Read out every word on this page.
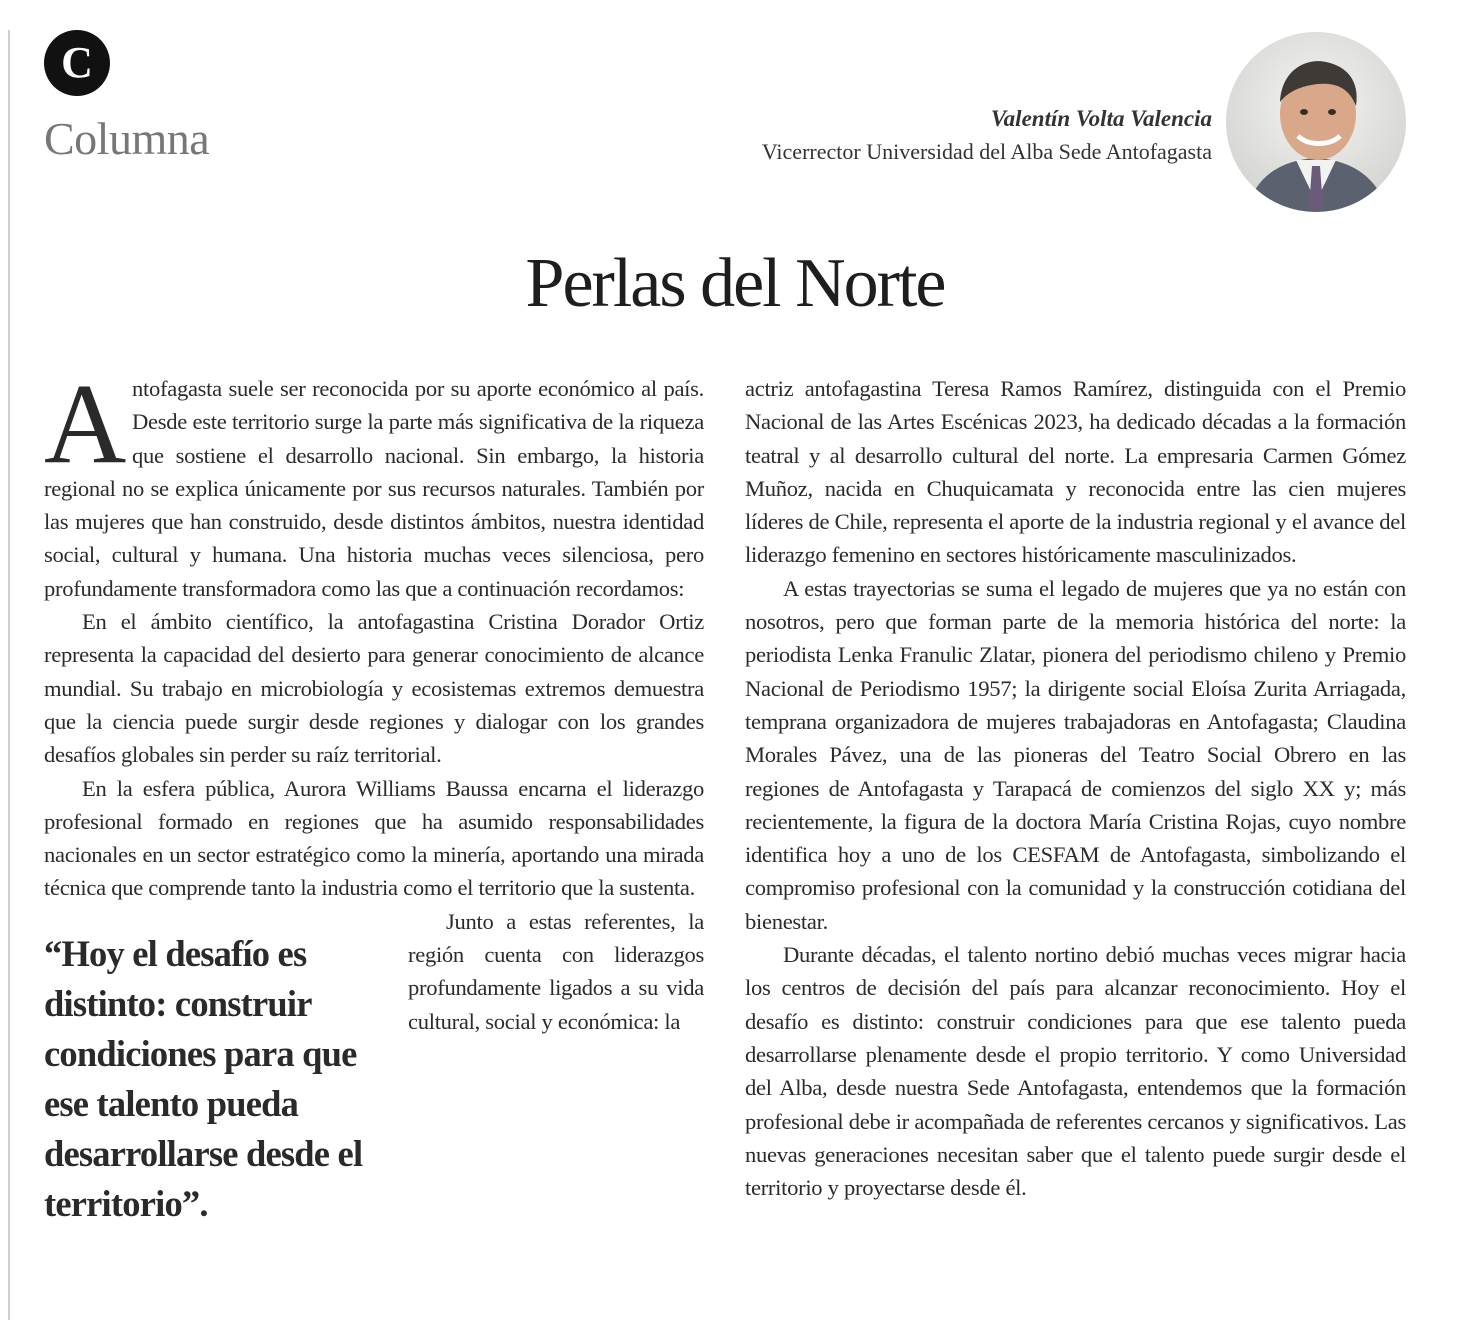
C
Columna	Valentín Volta Valencia
Vicerrector Universidad del Alba Sede Antofagasta
Perlas del Norte

Antofagasta suele ser reconocida por su aporte económico al país. Desde este territorio surge la parte más significativa de la riqueza que sostiene el desarrollo nacional. Sin embargo, la historia regional no se explica únicamente por sus recursos naturales. También por las mujeres que han construido, desde distintos ámbitos, nuestra identidad social, cultural y humana. Una historia muchas veces silenciosa, pero profundamente transformadora como las que a continuación recordamos:

“Hoy el desafío es distinto: construir condiciones para que ese talento pueda desarrollarse desde el territorio”.

En el ámbito científico, la antofagastina Cristina Dorador Ortiz representa la capacidad del desierto para generar conocimiento de alcance mundial. Su trabajo en microbiología y ecosistemas extremos demuestra que la ciencia puede surgir desde regiones y dialogar con los grandes desafíos globales sin perder su raíz territorial.

En la esfera pública, Aurora Williams Baussa encarna el liderazgo profesional formado en regiones que ha asumido responsabilidades nacionales en un sector estratégico como la minería, aportando una mirada técnica que comprende tanto la industria como el territorio que la sustenta.

Junto a estas referentes, la región cuenta con liderazgos profundamente ligados a su vida cultural, social y económica: la

actriz antofagastina Teresa Ramos Ramírez, distinguida con el Premio Nacional de las Artes Escénicas 2023, ha dedicado décadas a la formación teatral y al desarrollo cultural del norte. La empresaria Carmen Gómez Muñoz, nacida en Chuquicamata y reconocida entre las cien mujeres líderes de Chile, representa el aporte de la industria regional y el avance del liderazgo femenino en sectores históricamente masculinizados.

A estas trayectorias se suma el legado de mujeres que ya no están con nosotros, pero que forman parte de la memoria histórica del norte: la periodista Lenka Franulic Zlatar, pionera del periodismo chileno y Premio Nacional de Periodismo 1957; la dirigente social Eloísa Zurita Arriagada, temprana organizadora de mujeres trabajadoras en Antofagasta; Claudina Morales Pávez, una de las pioneras del Teatro Social Obrero en las regiones de Antofagasta y Tarapacá de comienzos del siglo XX y; más recientemente, la figura de la doctora María Cristina Rojas, cuyo nombre identifica hoy a uno de los CESFAM de Antofagasta, simbolizando el compromiso profesional con la comunidad y la construcción cotidiana del bienestar.

Durante décadas, el talento nortino debió muchas veces migrar hacia los centros de decisión del país para alcanzar reconocimiento. Hoy el desafío es distinto: construir condiciones para que ese talento pueda desarrollarse plenamente desde el propio territorio. Y como Universidad del Alba, desde nuestra Sede Antofagasta, entendemos que la formación profesional debe ir acompañada de referentes cercanos y significativos. Las nuevas generaciones necesitan saber que el talento puede surgir desde el territorio y proyectarse desde él.
